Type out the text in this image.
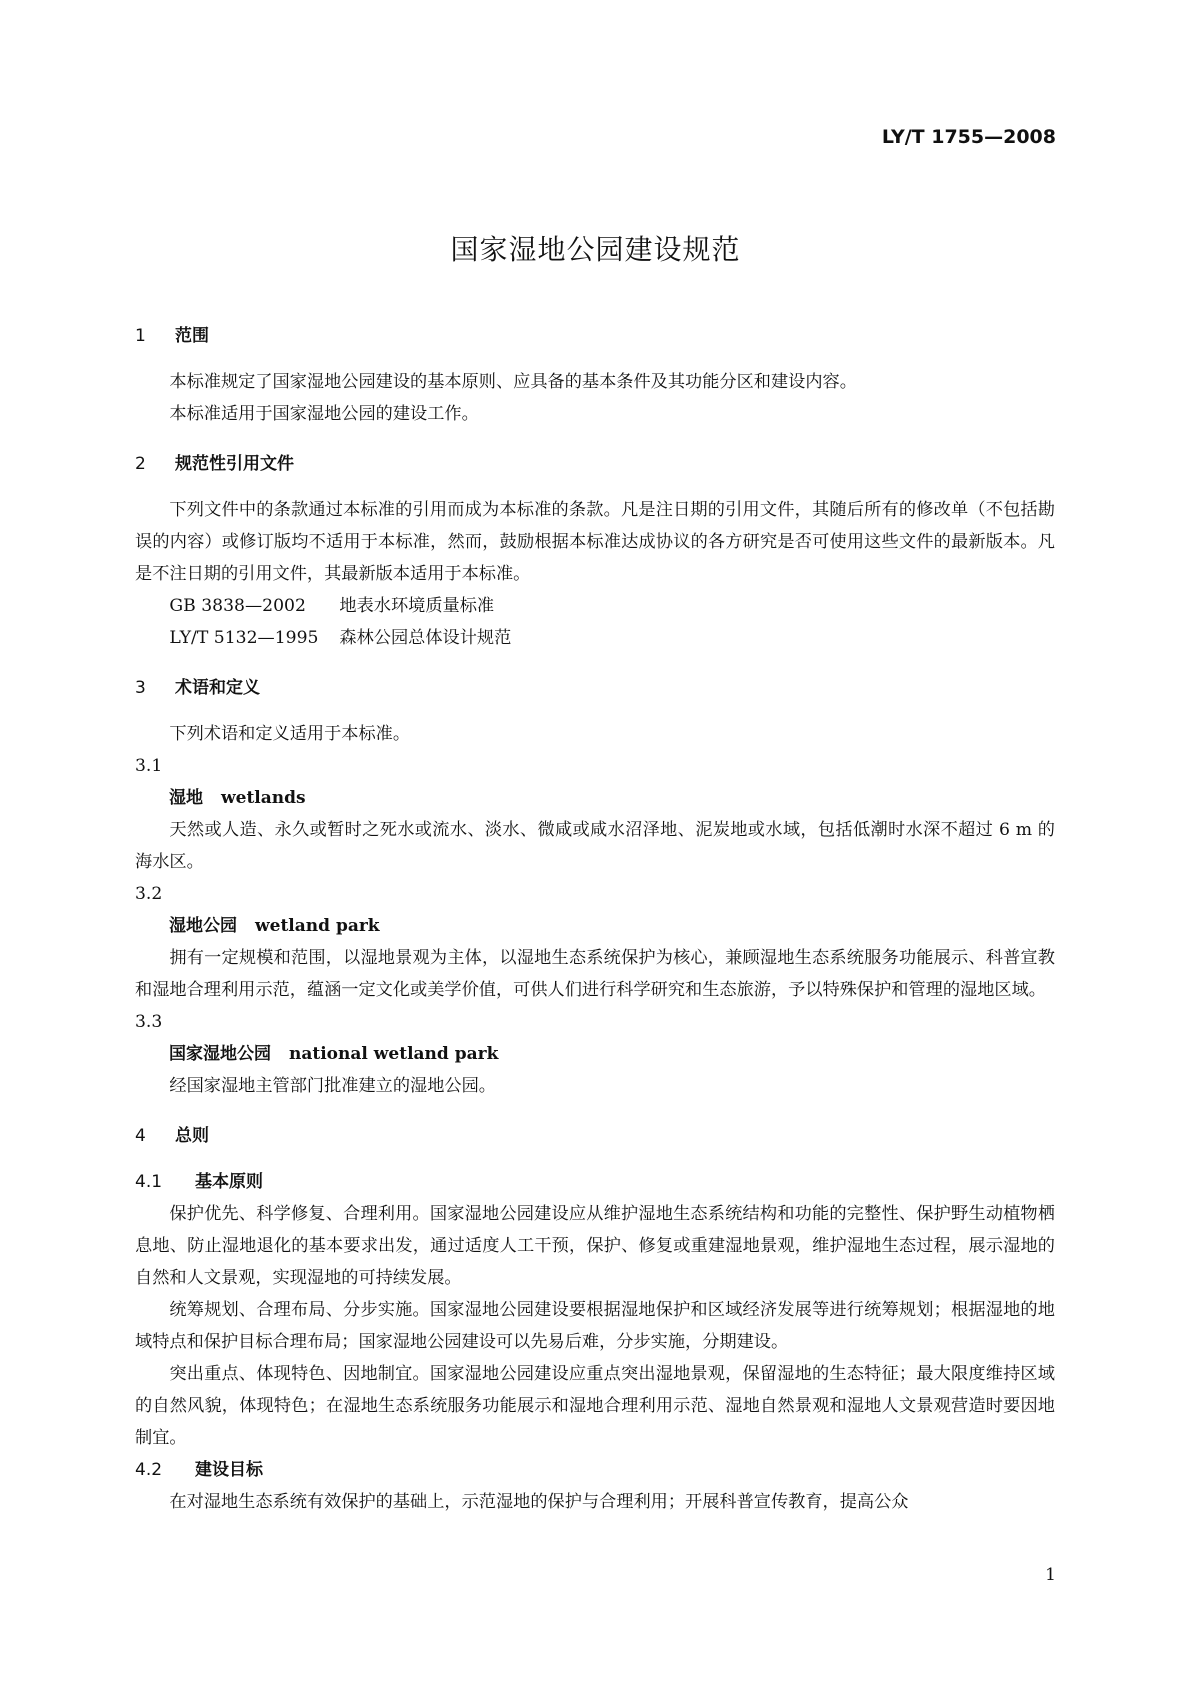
LY/T 1755—2008
国家湿地公园建设规范
1 范围

本标准规定了国家湿地公园建设的基本原则、应具备的基本条件及其功能分区和建设内容。

本标准适用于国家湿地公园的建设工作。

2 规范性引用文件

下列文件中的条款通过本标准的引用而成为本标准的条款。凡是注日期的引用文件，其随后所有的修改单（不包括勘误的内容）或修订版均不适用于本标准，然而，鼓励根据本标准达成协议的各方研究是否可使用这些文件的最新版本。凡是不注日期的引用文件，其最新版本适用于本标准。

GB 3838—2002 地表水环境质量标准

LY/T 5132—1995 森林公园总体设计规范

3 术语和定义

下列术语和定义适用于本标准。

3.1

湿地 wetlands

天然或人造、永久或暂时之死水或流水、淡水、微咸或咸水沼泽地、泥炭地或水域，包括低潮时水深不超过 6 m 的海水区。

3.2

湿地公园 wetland park

拥有一定规模和范围，以湿地景观为主体，以湿地生态系统保护为核心，兼顾湿地生态系统服务功能展示、科普宣教和湿地合理利用示范，蕴涵一定文化或美学价值，可供人们进行科学研究和生态旅游，予以特殊保护和管理的湿地区域。

3.3

国家湿地公园 national wetland park

经国家湿地主管部门批准建立的湿地公园。

4 总则
4.1 基本原则

保护优先、科学修复、合理利用。国家湿地公园建设应从维护湿地生态系统结构和功能的完整性、保护野生动植物栖息地、防止湿地退化的基本要求出发，通过适度人工干预，保护、修复或重建湿地景观，维护湿地生态过程，展示湿地的自然和人文景观，实现湿地的可持续发展。

统筹规划、合理布局、分步实施。国家湿地公园建设要根据湿地保护和区域经济发展等进行统筹规划；根据湿地的地域特点和保护目标合理布局；国家湿地公园建设可以先易后难，分步实施，分期建设。

突出重点、体现特色、因地制宜。国家湿地公园建设应重点突出湿地景观，保留湿地的生态特征；最大限度维持区域的自然风貌，体现特色；在湿地生态系统服务功能展示和湿地合理利用示范、湿地自然景观和湿地人文景观营造时要因地制宜。

4.2 建设目标

在对湿地生态系统有效保护的基础上，示范湿地的保护与合理利用；开展科普宣传教育，提高公众

1
